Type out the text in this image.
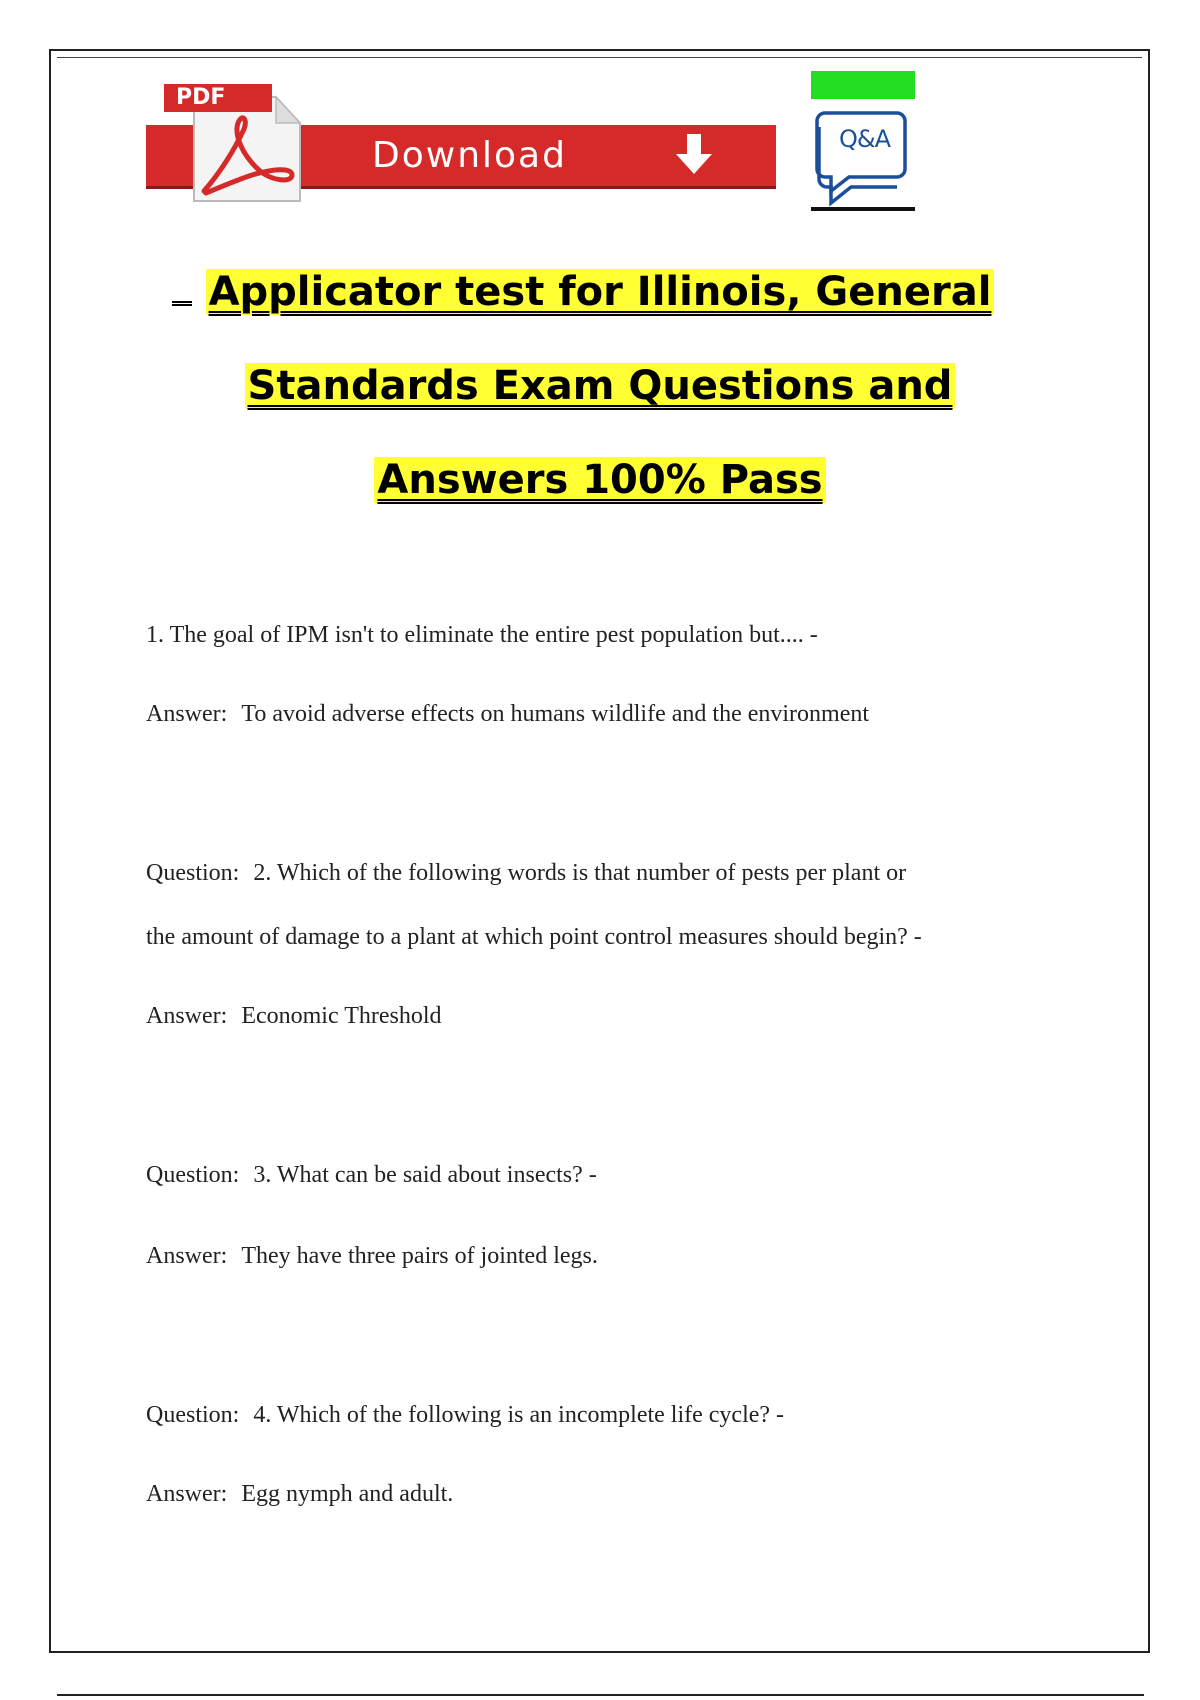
Download
PDF
Q&A
Applicator test for Illinois, General
Standards Exam Questions and
Answers 100% Pass

1. The goal of IPM isn't to eliminate the entire pest population but.... -

Answer: To avoid adverse effects on humans wildlife and the environment

Question: 2. Which of the following words is that number of pests per plant or

the amount of damage to a plant at which point control measures should begin? -

Answer: Economic Threshold

Question: 3. What can be said about insects? -

Answer: They have three pairs of jointed legs.

Question: 4. Which of the following is an incomplete life cycle? -

Answer: Egg nymph and adult.
